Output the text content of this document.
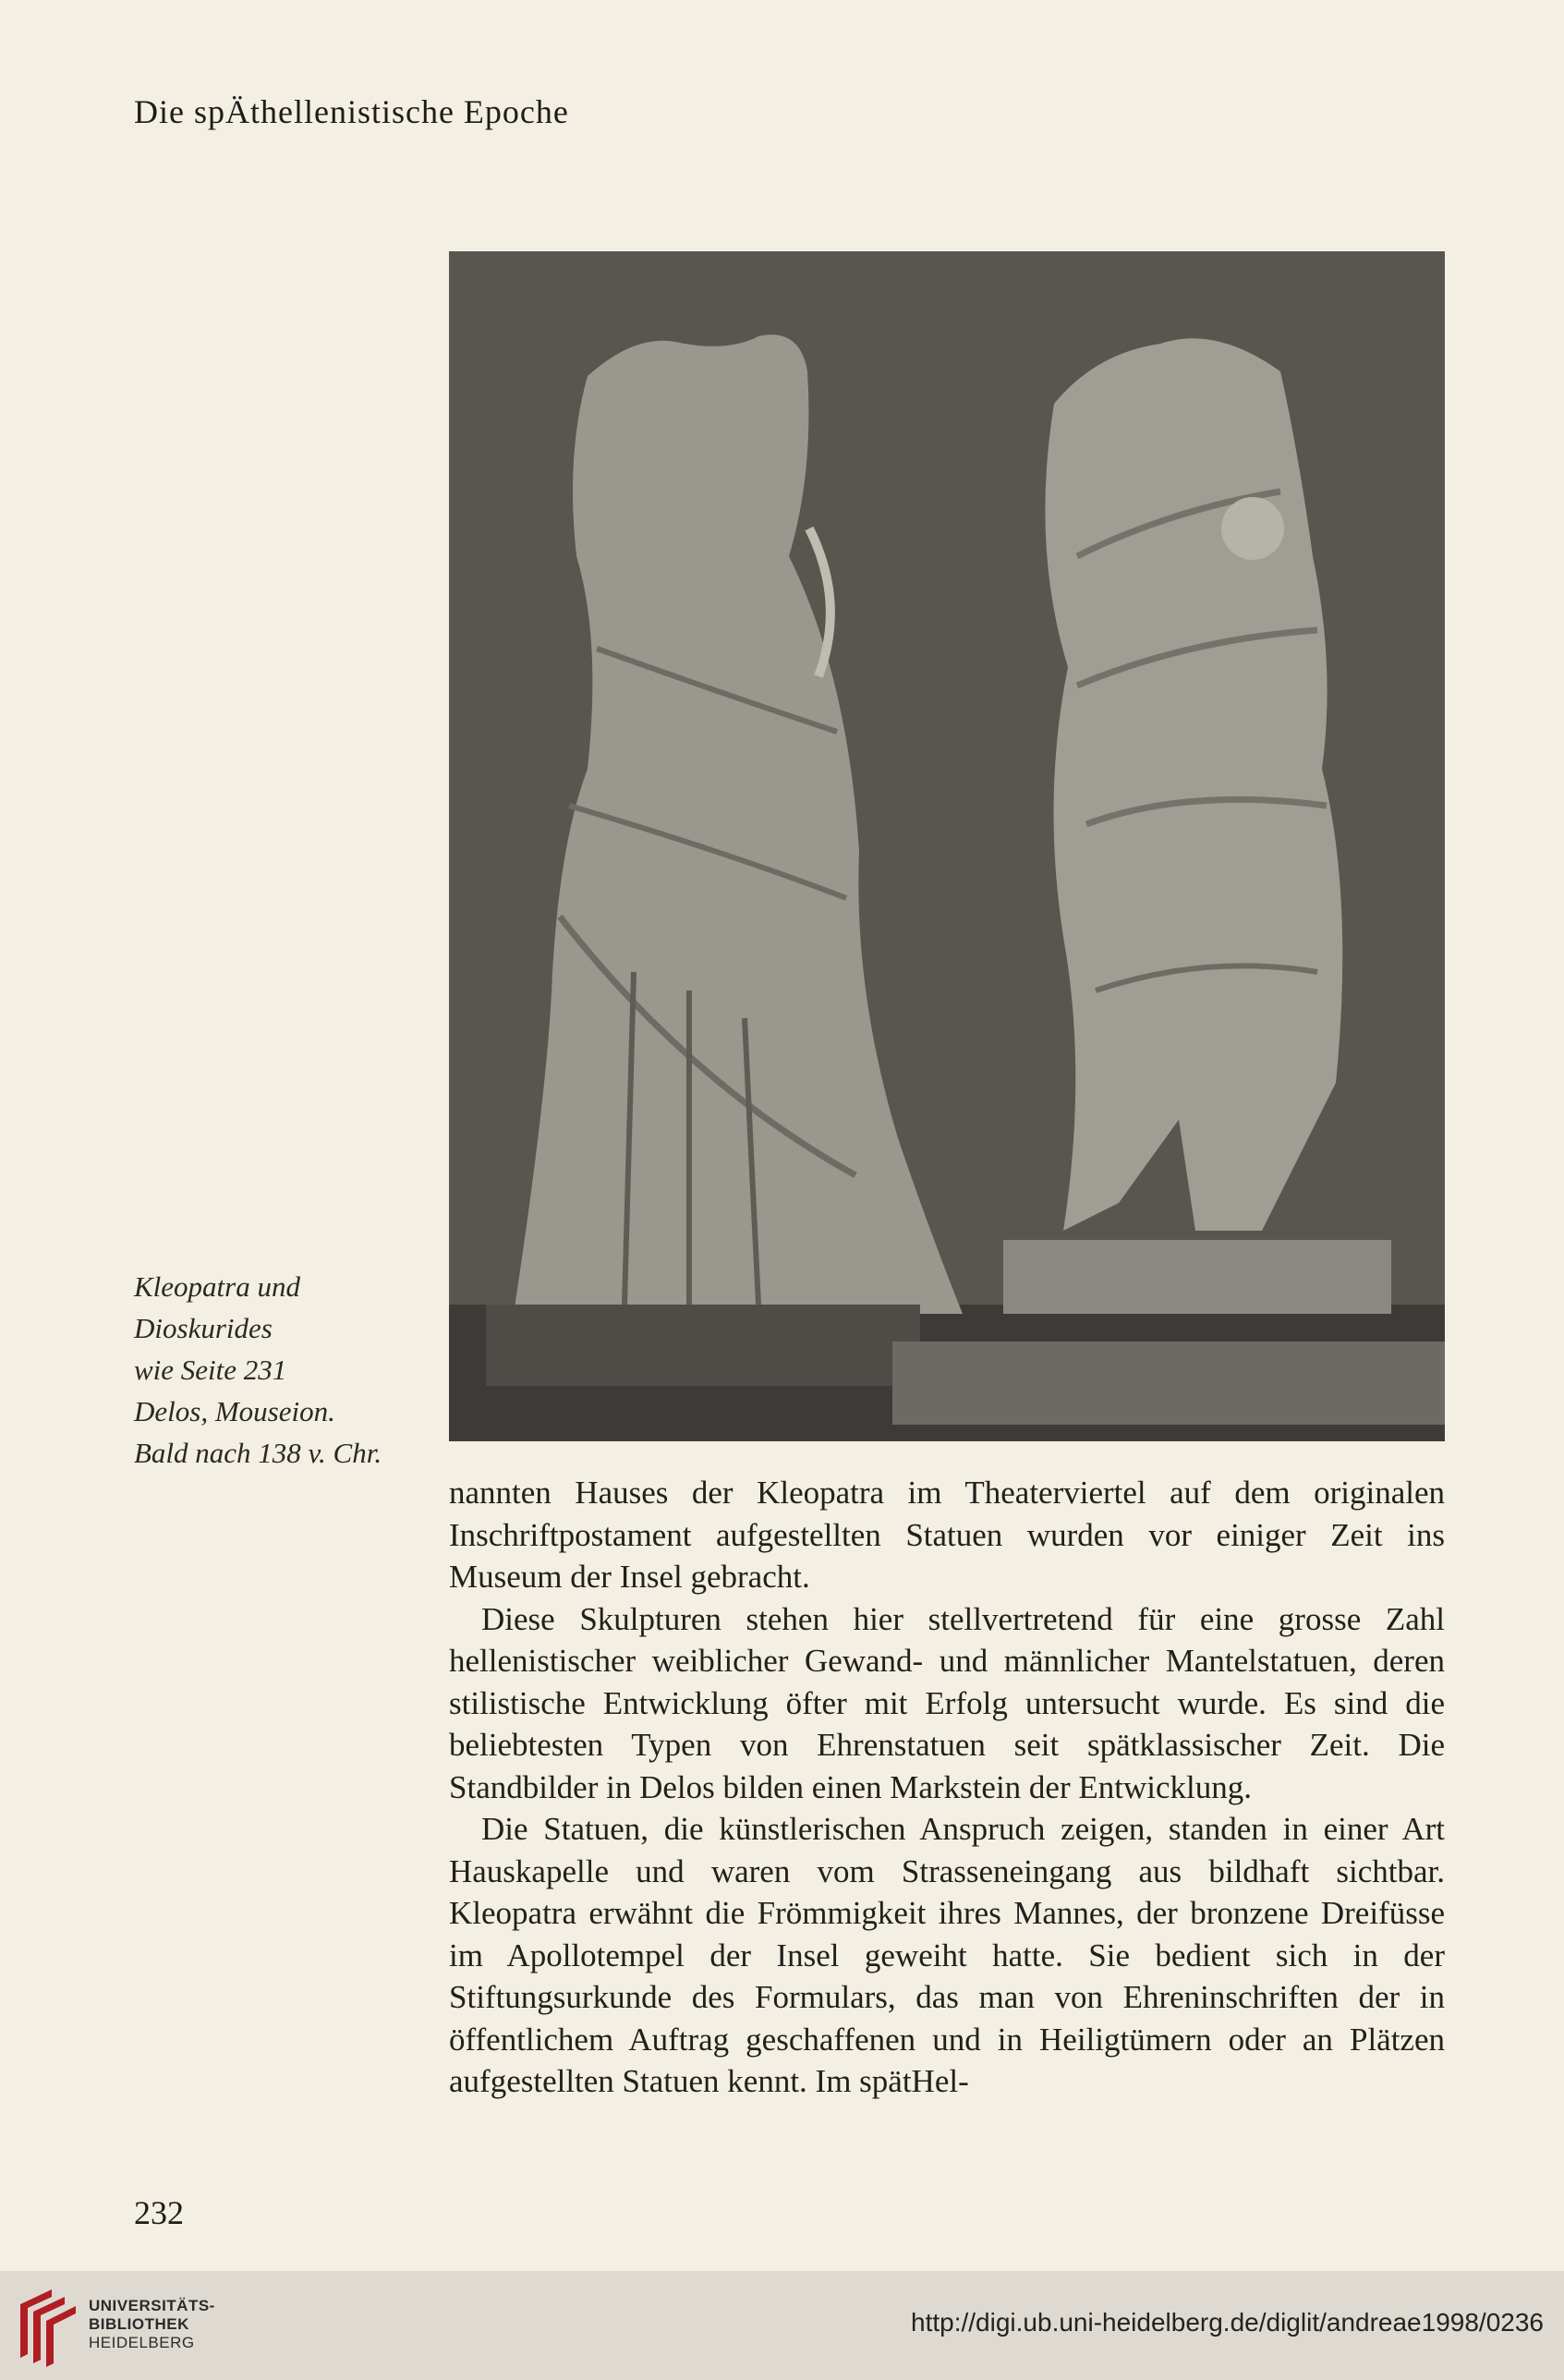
Die spÄthellenistische Epoche
Kleopatra und
Dioskurides
wie Seite 231
Delos, Mouseion.
Bald nach 138 v. Chr.

nannten Hauses der Kleopatra im Theaterviertel auf dem originalen Inschriftpostament aufgestellten Statuen wurden vor einiger Zeit ins Museum der Insel gebracht.

Diese Skulpturen stehen hier stellvertretend für eine grosse Zahl hellenistischer weiblicher Gewand- und männlicher Mantelstatuen, deren stilistische Entwicklung öfter mit Erfolg untersucht wurde. Es sind die beliebtesten Typen von Ehrenstatuen seit spätklassischer Zeit. Die Standbilder in Delos bilden einen Markstein der Entwicklung.

Die Statuen, die künstlerischen Anspruch zeigen, standen in einer Art Hauskapelle und waren vom Strasseneingang aus bildhaft sichtbar. Kleopatra erwähnt die Frömmigkeit ihres Mannes, der bronzene Dreifüsse im Apollotempel der Insel geweiht hatte. Sie bedient sich in der Stiftungsurkunde des Formulars, das man von Ehreninschriften der in öffentlichem Auftrag geschaffenen und in Heiligtümern oder an Plätzen aufgestellten Statuen kennt. Im spätHel-

232
UNIVERSITÄTS-
BIBLIOTHEK
HEIDELBERG
http://digi.ub.uni-heidelberg.de/diglit/andreae1998/0236
